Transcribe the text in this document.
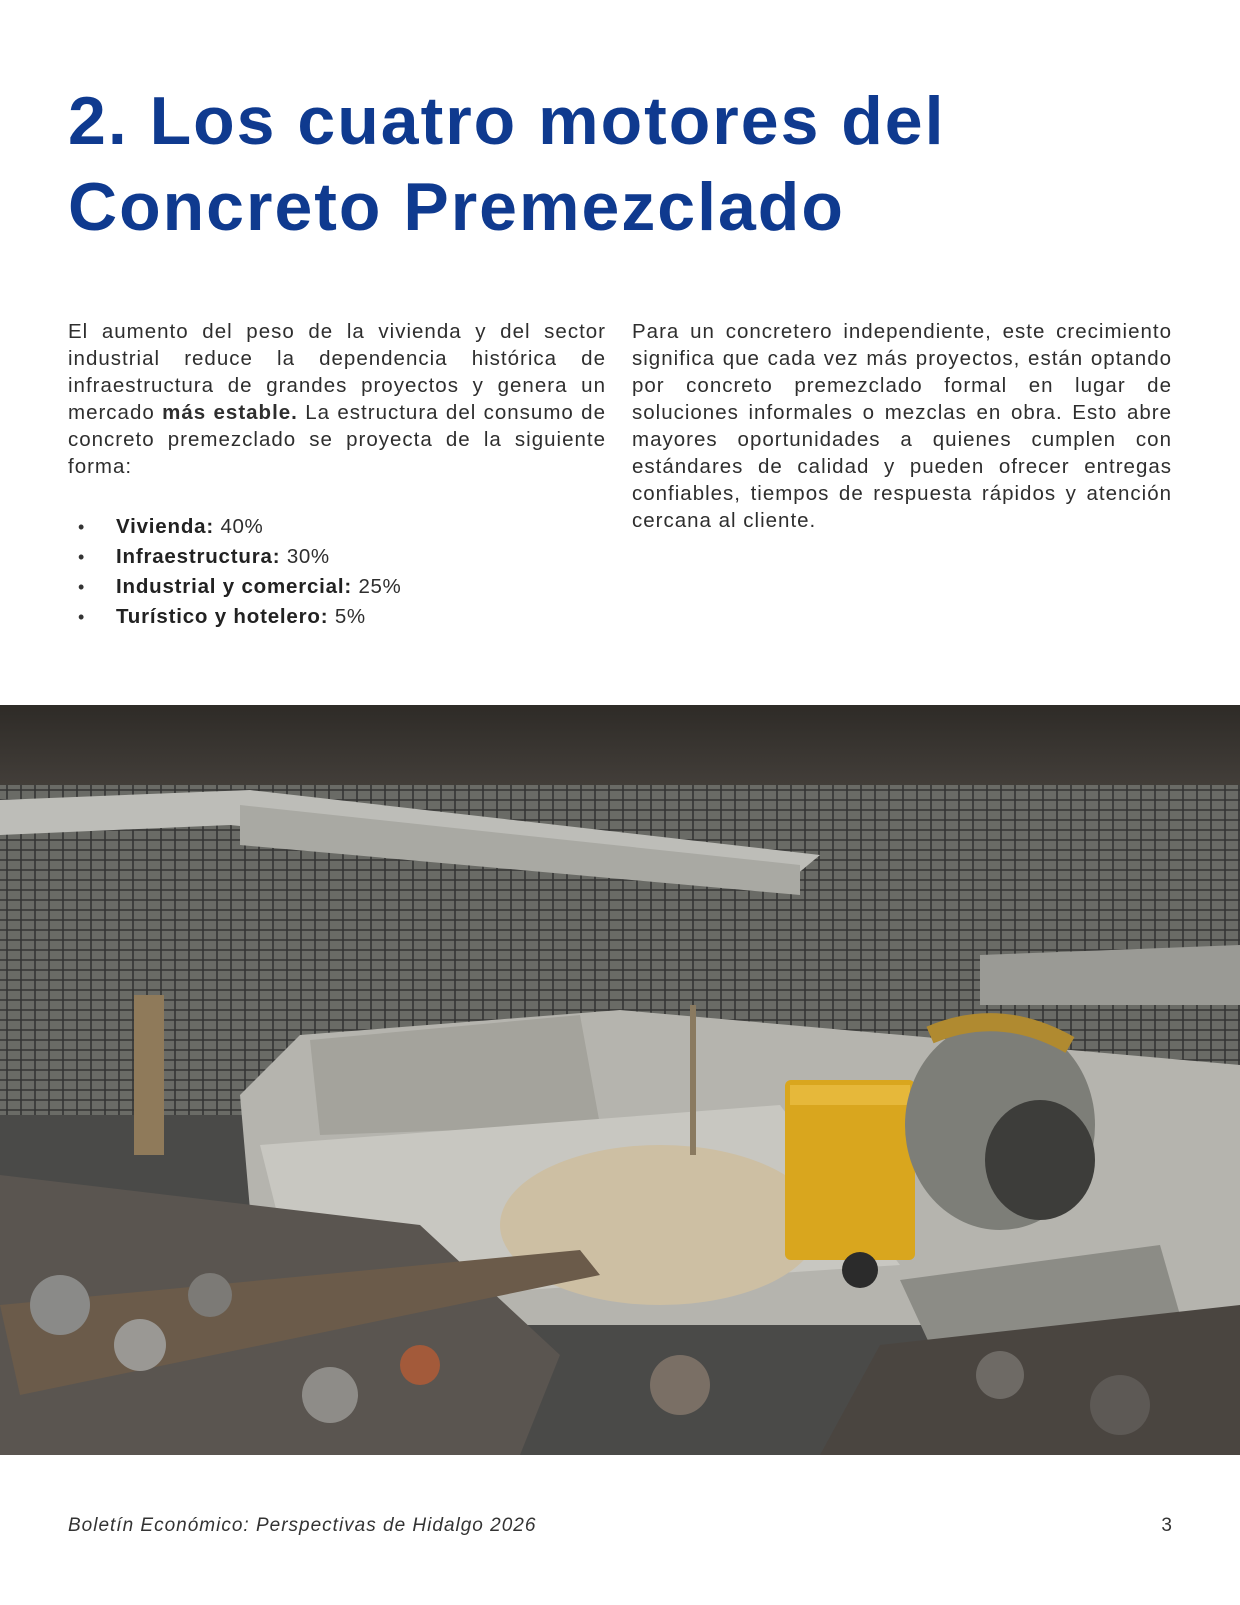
2. Los cuatro motores del
Concreto Premezclado

El aumento del peso de la vivienda y del sector industrial reduce la dependencia histórica de infraestructura de grandes proyectos y genera un mercado más estable. La estructura del consumo de concreto premezclado se proyecta de la siguiente forma:

•	Vivienda : 40%
•	Infraestructura : 30%
•	Industrial y comercial : 25%
•	Turístico y hotelero : 5%

Para un concretero independiente, este crecimiento significa que cada vez más proyectos, están optando por concreto premezclado formal en lugar de soluciones informales o mezclas en obra. Esto abre mayores oportunidades a quienes cumplen con estándares de calidad y pueden ofrecer entregas confiables, tiempos de respuesta rápidos y atención cercana al cliente.

Boletín Económico: Perspectivas de Hidalgo 2026	3
